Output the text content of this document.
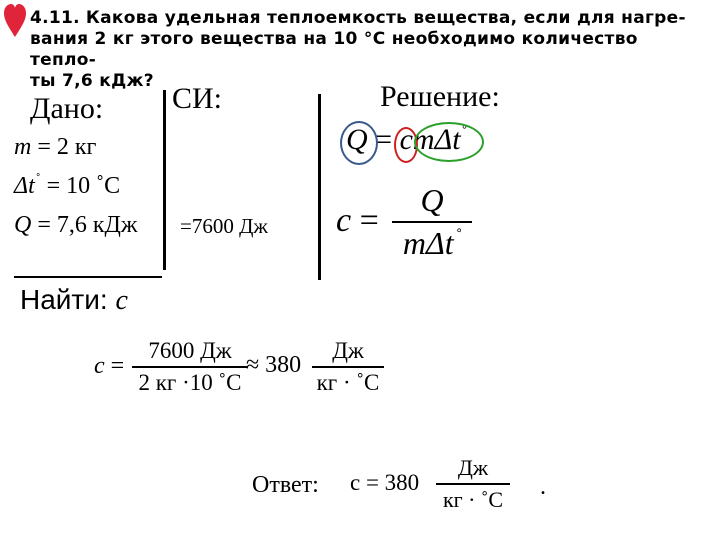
4.11. Какова удельная теплоемкость вещества, если для нагре-
вания 2 кг этого вещества на 10 °С необходимо количество тепло-
ты 7,6 кДж?
Дано: СИ:	Решение:
m = 2 кг
Δt˚ = 10 ˚C
Q = 7,6 кДж =7600 Дж
Найти: c
Q = cmΔt˚
c =
Q
mΔt˚
c =
7600 Дж
2 кг ·10 ˚C
≈ 380
Дж
кг · ˚C
Ответ: c = 380
Дж
кг · ˚C .
